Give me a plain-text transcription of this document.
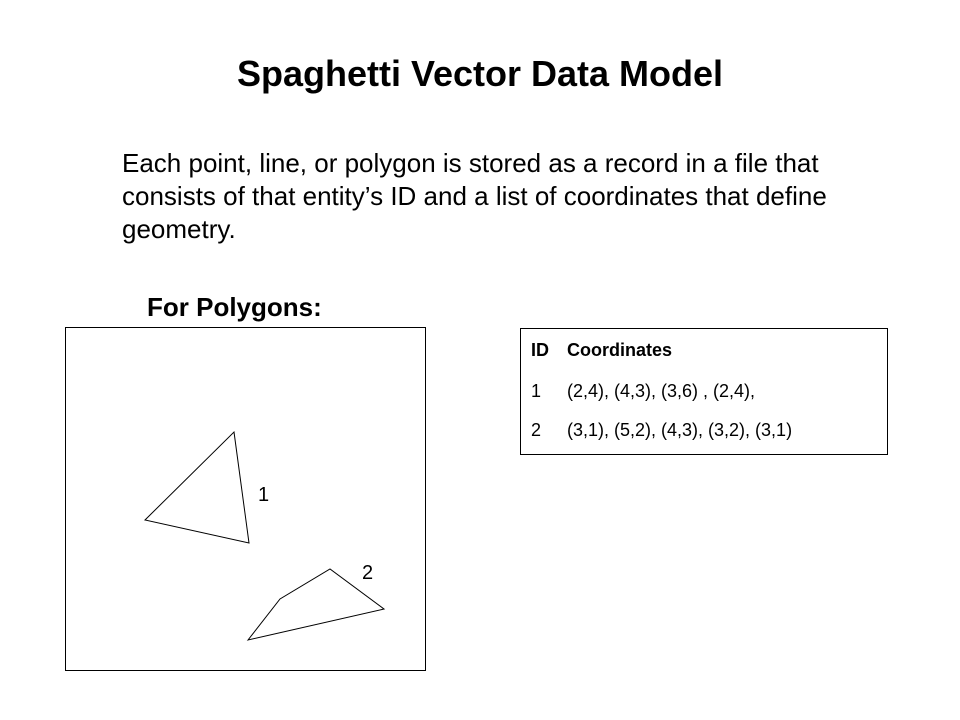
Spaghetti Vector Data Model

Each point, line, or polygon is stored as a record in a file that consists of that entity’s ID and a list of coordinates that define geometry.

For Polygons:

1
2
ID Coordinates
1 (2,4), (4,3), (3,6) , (2,4),
2 (3,1), (5,2), (4,3), (3,2), (3,1)
